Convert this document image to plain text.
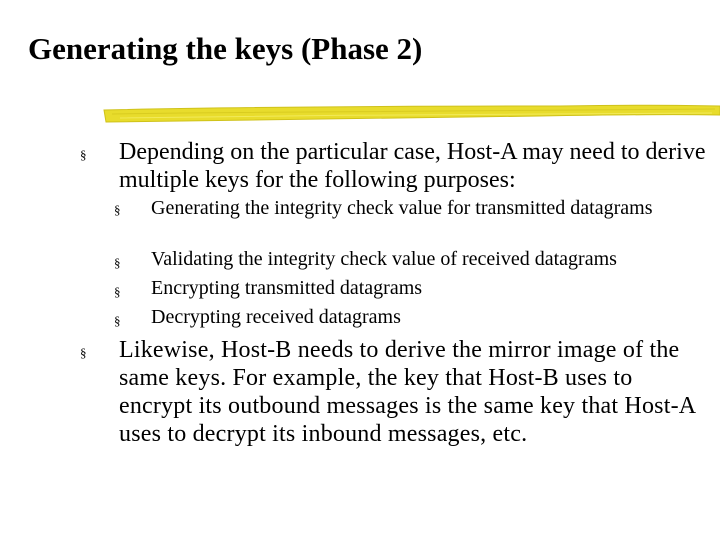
Generating the keys (Phase 2)
§ Depending on the particular case, Host-A may need to derive multiple keys for the following purposes:
§ Generating the integrity check value for transmitted datagrams
§ Validating the integrity check value of received datagrams
§ Encrypting transmitted datagrams
§ Decrypting received datagrams
§ Likewise, Host-B needs to derive the mirror image of the same keys. For example, the key that Host-B uses to encrypt its outbound messages is the same key that Host-A uses to decrypt its inbound messages, etc.
